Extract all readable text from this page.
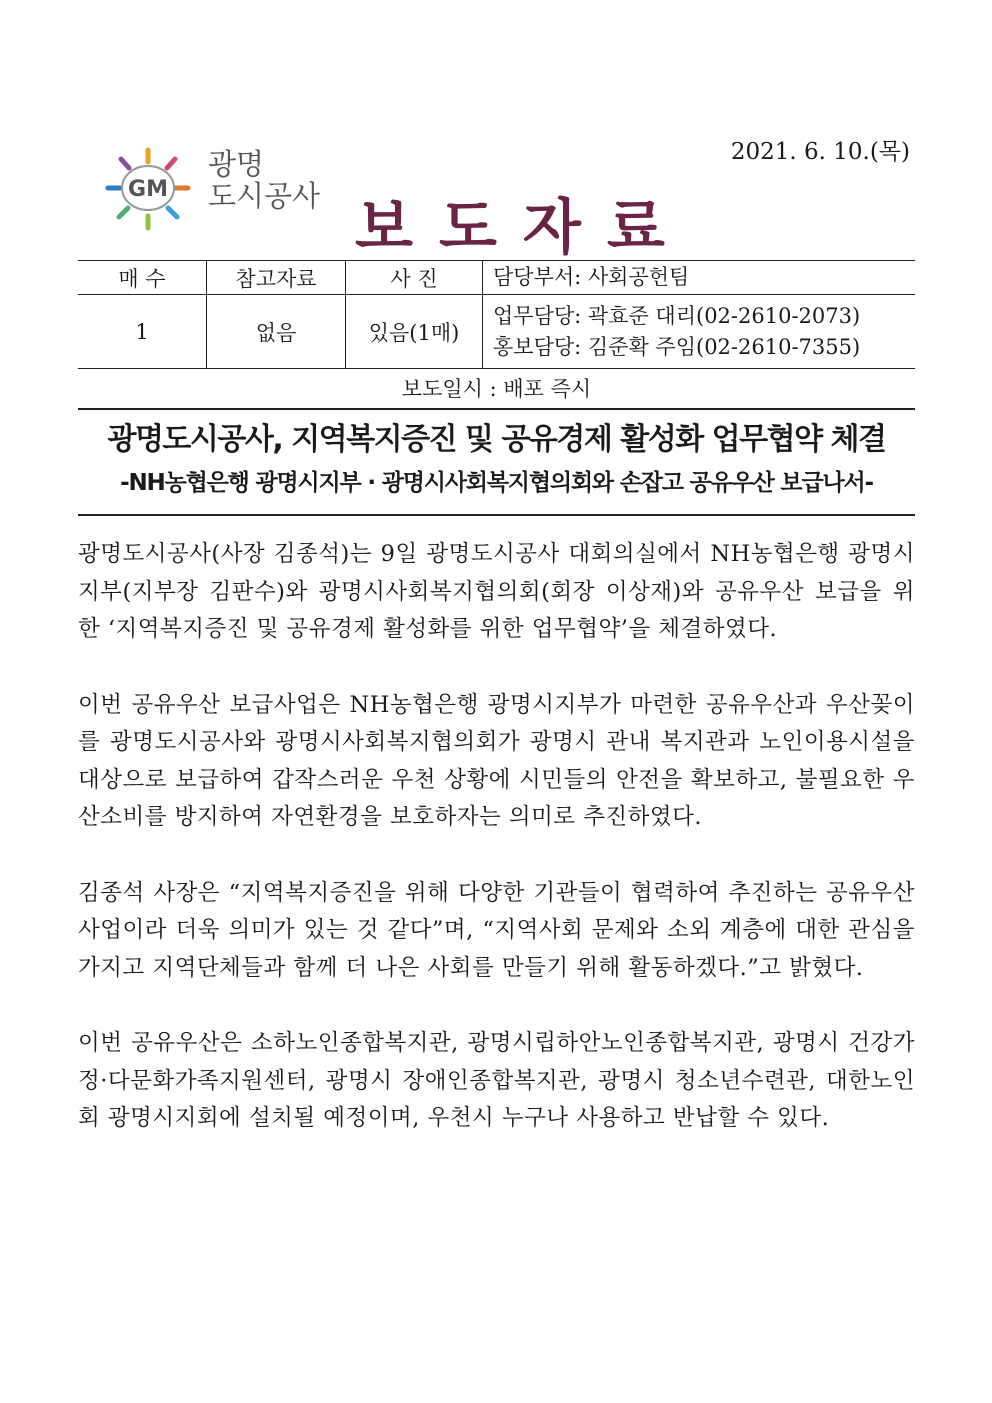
2021. 6. 10.(목)
GM
광명
도시공사 보도자료
매 수	참고자료	사 진	담당부서: 사회공헌팀
1	없음	있음(1매)	업무담당: 곽효준 대리(02-2610-2073)
홍보담당: 김준확 주임(02-2610-7355)
보도일시 : 배포 즉시
광명도시공사, 지역복지증진 및 공유경제 활성화 업무협약 체결
-NH농협은행 광명시지부 · 광명시사회복지협의회와 손잡고 공유우산 보급나서-

광명도시공사(사장 김종석)는 9일 광명도시공사 대회의실에서 NH농협은행 광명시지부(지부장 김판수)와 광명시사회복지협의회(회장 이상재)와 공유우산 보급을 위한 ‘지역복지증진 및 공유경제 활성화를 위한 업무협약’을 체결하였다.

이번 공유우산 보급사업은 NH농협은행 광명시지부가 마련한 공유우산과 우산꽂이를 광명도시공사와 광명시사회복지협의회가 광명시 관내 복지관과 노인이용시설을 대상으로 보급하여 갑작스러운 우천 상황에 시민들의 안전을 확보하고, 불필요한 우산소비를 방지하여 자연환경을 보호하자는 의미로 추진하였다.

김종석 사장은 “지역복지증진을 위해 다양한 기관들이 협력하여 추진하는 공유우산 사업이라 더욱 의미가 있는 것 같다”며, “지역사회 문제와 소외 계층에 대한 관심을 가지고 지역단체들과 함께 더 나은 사회를 만들기 위해 활동하겠다.”고 밝혔다.

이번 공유우산은 소하노인종합복지관, 광명시립하안노인종합복지관, 광명시 건강가정·다문화가족지원센터, 광명시 장애인종합복지관, 광명시 청소년수련관, 대한노인회 광명시지회에 설치될 예정이며, 우천시 누구나 사용하고 반납할 수 있다.
